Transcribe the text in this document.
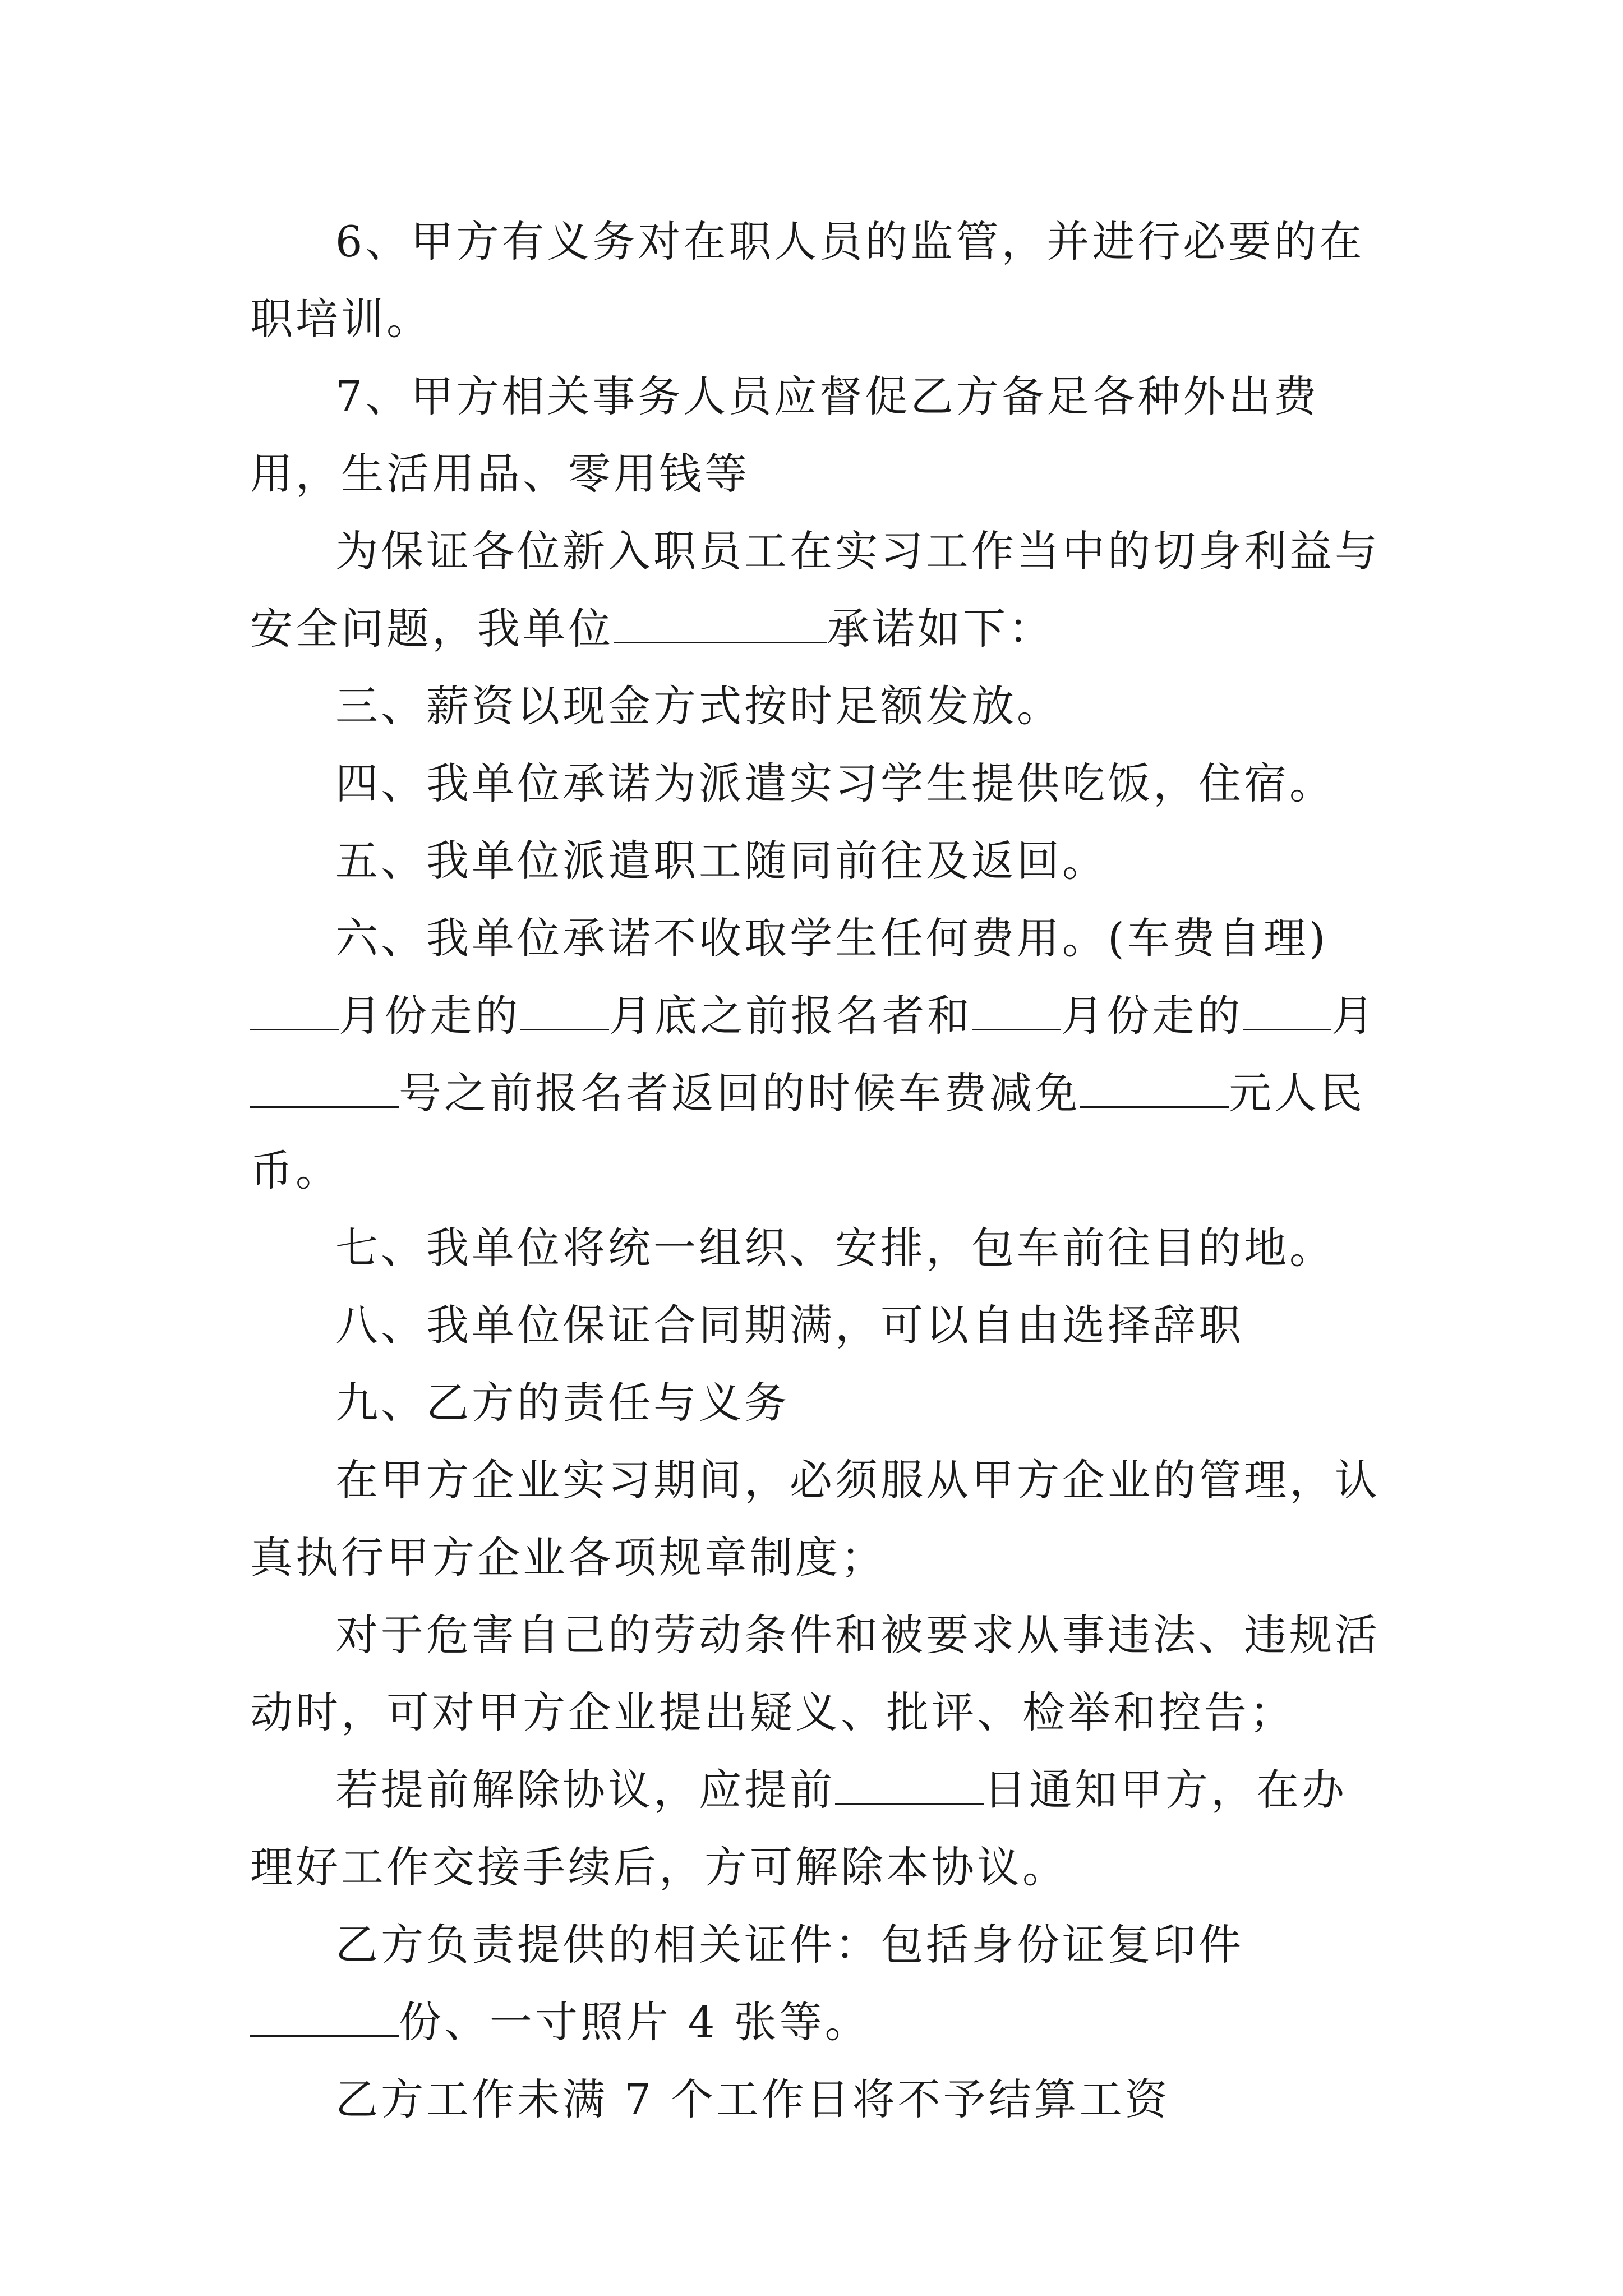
6、甲方有义务对在职人员的监管，并进行必要的在职培训。

7、甲方相关事务人员应督促乙方备足各种外出费用，生活用品、零用钱等

为保证各位新入职员工在实习工作当中的切身利益与安全问题，我单位	承诺如下：

三、薪资以现金方式按时足额发放。

四、我单位承诺为派遣实习学生提供吃饭，住宿。

五、我单位派遣职工随同前往及返回。

六、我单位承诺不收取学生任何费用。(车费自理)月份走的 月底之前报名者和 月份走的 月号之前报名者返回的时候车费减免	元人民币。

七、我单位将统一组织、安排，包车前往目的地。

八、我单位保证合同期满，可以自由选择辞职

九、乙方的责任与义务

在甲方企业实习期间，必须服从甲方企业的管理，认真执行甲方企业各项规章制度；

对于危害自己的劳动条件和被要求从事违法、违规活动时，可对甲方企业提出疑义、批评、检举和控告；

若提前解除协议，应提前	日通知甲方，在办理好工作交接手续后，方可解除本协议。

乙方负责提供的相关证件：包括身份证复印件份、一寸照片 4 张等。

乙方工作未满 7 个工作日将不予结算工资
